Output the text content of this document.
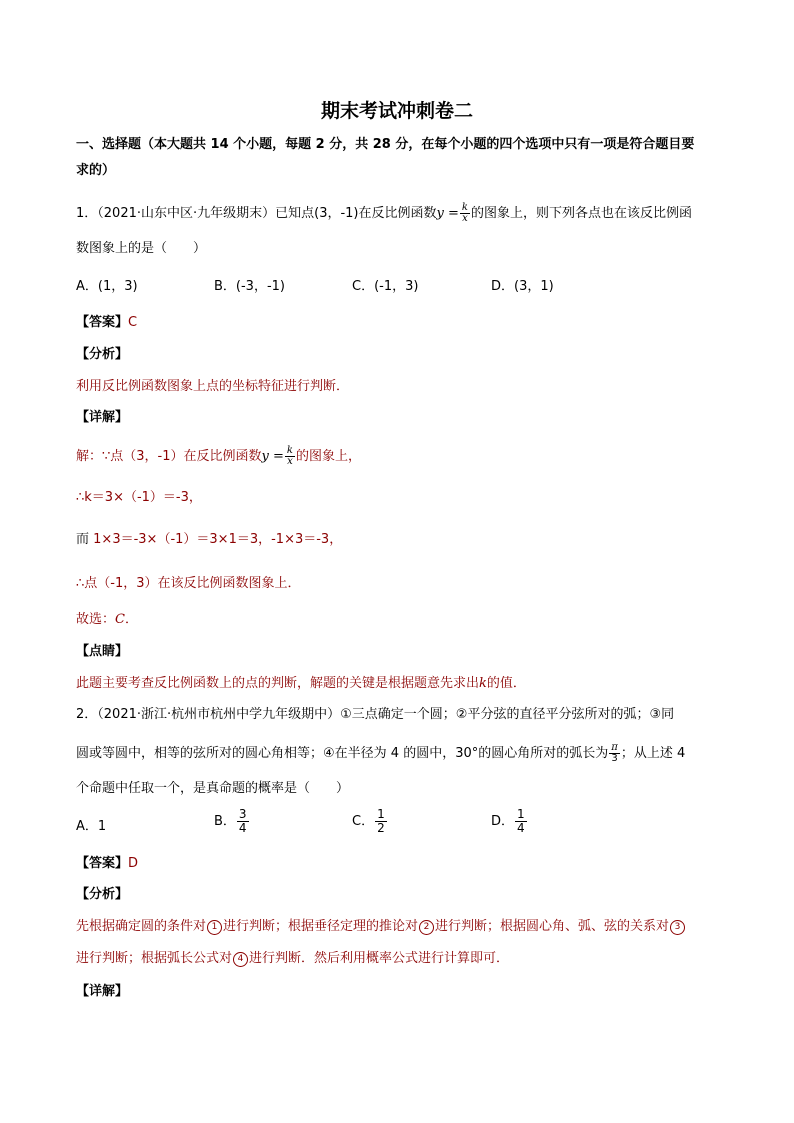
期末考试冲刺卷二
一、选择题（本大题共 14 个小题，每题 2 分，共 28 分，在每个小题的四个选项中只有一项是符合题目要
求的）
1．（2021·山东中区·九年级期末）已知点(3，-1)在反比例函数$y = \frac{k}{x}$ 的图象上，则下列各点也在该反比例函
数图象上的是（　　）
A．(1，3)	B．(-3，-1)	C．(-1，3)	D．(3，1)
【答案】C
【分析】
利用反比例函数图象上点的坐标特征进行判断．
【详解】
解：∵点（3，-1）在反比例函数$y = \frac{k}{x}$ 的图象上，
∴k＝3×（-1）＝-3，
而 1×3＝-3×（-1）＝3×1＝3，-1×3＝-3，
∴点（-1，3）在该反比例函数图象上．
故选：C．
【点睛】
此题主要考查反比例函数上的点的判断，解题的关键是根据题意先求出k的值．
2．（2021·浙江·杭州市杭州中学九年级期中）①三点确定一个圆；②平分弦的直径平分弦所对的弧；③同
圆或等圆中，相等的弦所对的圆心角相等；④在半径为 4 的圆中，30°的圆心角所对的弧长为 $\frac{\pi}{3}$ ；从上述 4
个命题中任取一个，是真命题的概率是（　　）
A．1	B． $\frac{3}{4}$	C． $\frac{1}{2}$	D． $\frac{1}{4}$
【答案】D
【分析】
先根据确定圆的条件对 1 进行判断；根据垂径定理的推论对 2 进行判断；根据圆心角、弧、弦的关系对 3
进行判断；根据弧长公式对 4 进行判断．然后利用概率公式进行计算即可．
【详解】
